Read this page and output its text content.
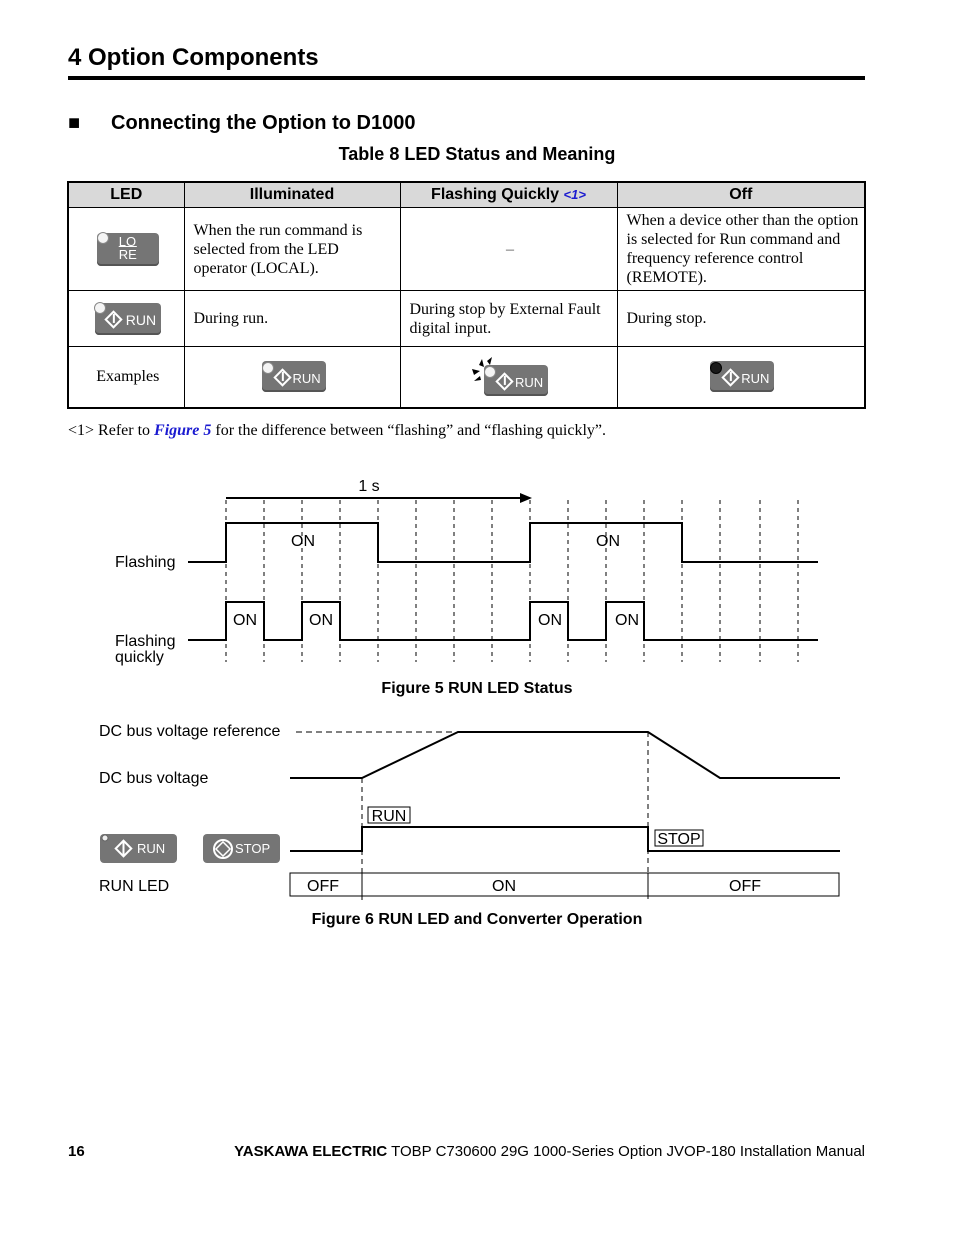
4 Option Components
■ Connecting the Option to D1000
Table 8 LED Status and Meaning
LED	Illuminated	Flashing Quickly <1>	Off

$\frac{LO}{RE}$	When the run command is selected from the LED operator (LOCAL).	–	When a device other than the option is selected for Run command and frequency reference control (REMOTE).

RUN	During run.	During stop by External Fault digital input.	During stop.
Examples	RUN	RUN	RUN
<1> Refer to Figure 5 for the difference between “flashing” and “flashing quickly”.
1 s
Flashing
Flashing
quickly
ON	ON
ON	ON	ON	ON
Figure 5 RUN LED Status
DC bus voltage reference
DC bus voltage
RUN
STOP
RUN	STOP
RUN LED	OFF	ON	OFF
Figure 6 RUN LED and Converter Operation
16	YASKAWA ELECTRIC TOBP C730600 29G 1000-Series Option JVOP-180 Installation Manual
